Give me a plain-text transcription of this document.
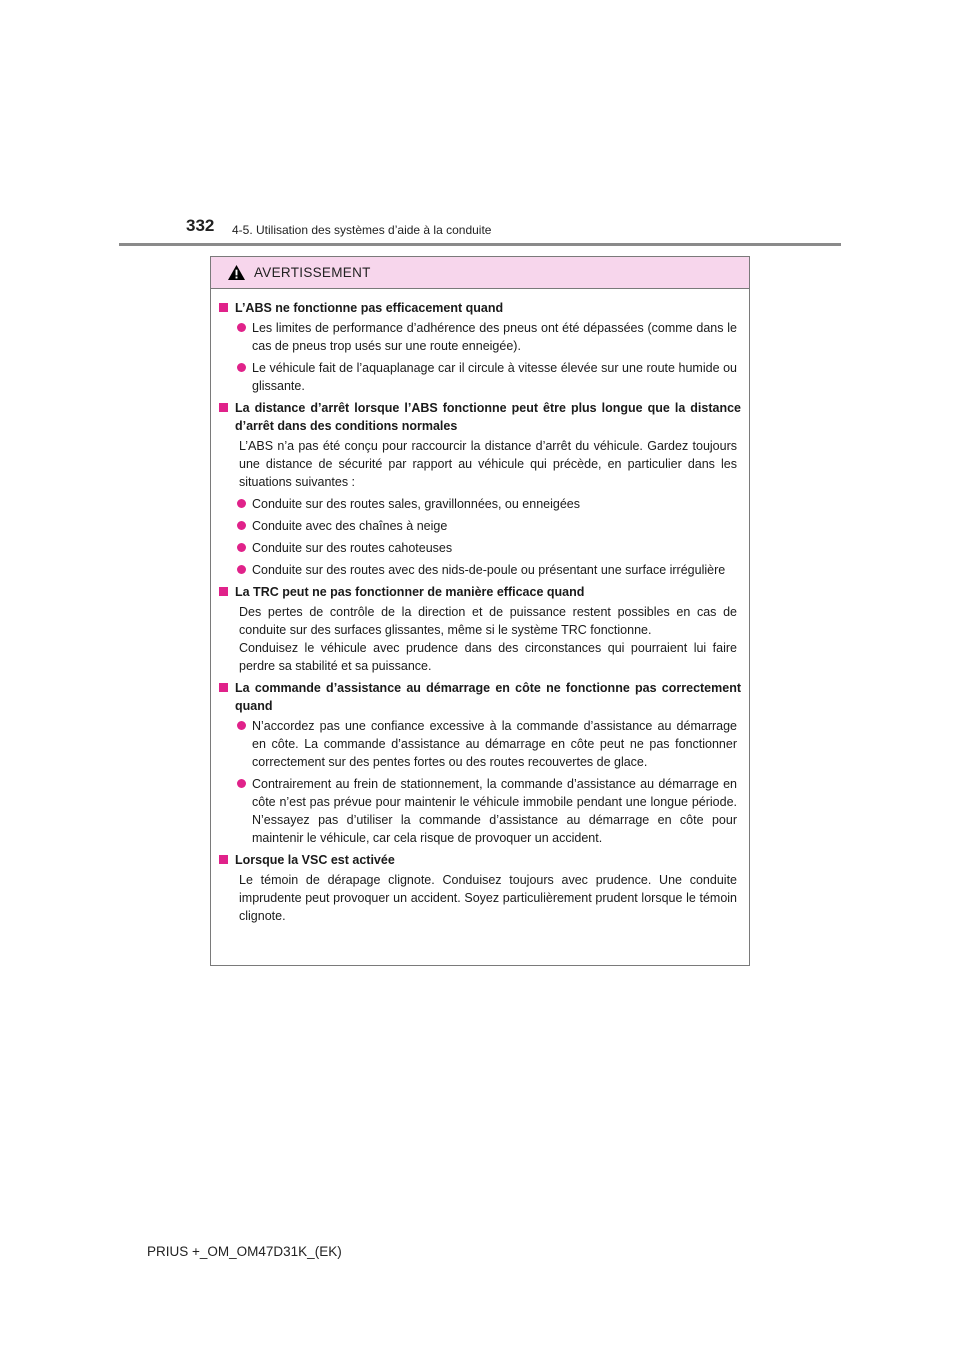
332 4-5. Utilisation des systèmes d’aide à la conduite
AVERTISSEMENT
L’ABS ne fonctionne pas efficacement quand
Les limites de performance d’adhérence des pneus ont été dépassées (comme dans le cas de pneus trop usés sur une route enneigée).
Le véhicule fait de l’aquaplanage car il circule à vitesse élevée sur une route humide ou glissante.
La distance d’arrêt lorsque l’ABS fonctionne peut être plus longue que la distance d’arrêt dans des conditions normales
L’ABS n’a pas été conçu pour raccourcir la distance d’arrêt du véhicule. Gardez toujours une distance de sécurité par rapport au véhicule qui précède, en particulier dans les situations suivantes :
Conduite sur des routes sales, gravillonnées, ou enneigées
Conduite avec des chaînes à neige
Conduite sur des routes cahoteuses
Conduite sur des routes avec des nids-de-poule ou présentant une surface irrégulière
La TRC peut ne pas fonctionner de manière efficace quand
Des pertes de contrôle de la direction et de puissance restent possibles en cas de conduite sur des surfaces glissantes, même si le système TRC fonctionne.
Conduisez le véhicule avec prudence dans des circonstances qui pourraient lui faire perdre sa stabilité et sa puissance.
La commande d’assistance au démarrage en côte ne fonctionne pas correctement quand
N’accordez pas une confiance excessive à la commande d’assistance au démarrage en côte. La commande d’assistance au démarrage en côte peut ne pas fonctionner correctement sur des pentes fortes ou des routes recouvertes de glace.
Contrairement au frein de stationnement, la commande d’assistance au démarrage en côte n’est pas prévue pour maintenir le véhicule immobile pendant une longue période. N’essayez pas d’utiliser la commande d’assistance au démarrage en côte pour maintenir le véhicule, car cela risque de provoquer un accident.
Lorsque la VSC est activée
Le témoin de dérapage clignote. Conduisez toujours avec prudence. Une conduite imprudente peut provoquer un accident. Soyez particulièrement prudent lorsque le témoin clignote.
PRIUS +_OM_OM47D31K_(EK)
